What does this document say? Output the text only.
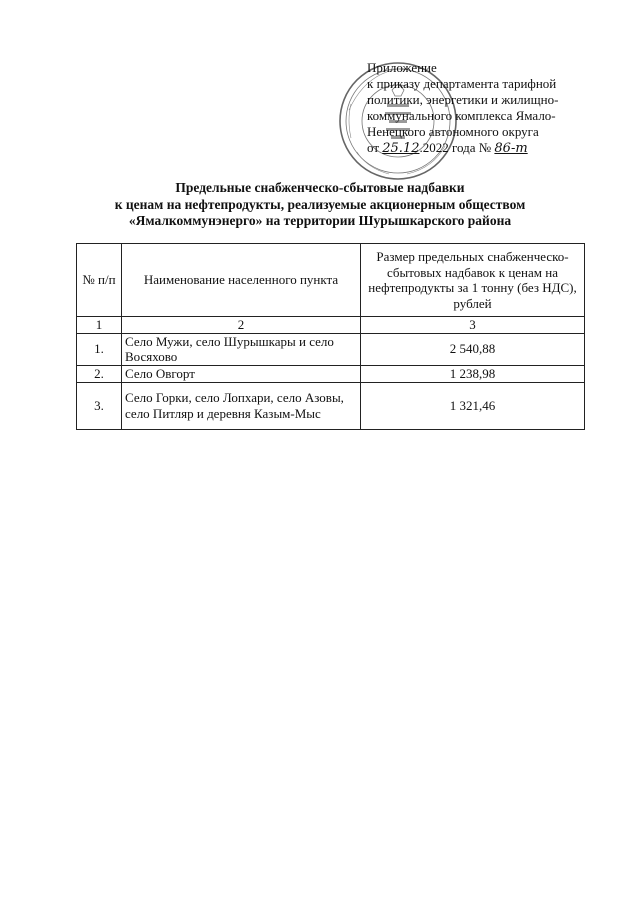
Приложение
к приказу департамента тарифной
политики, энергетики и жилищно-
коммунального комплекса Ямало-
Ненецкого автономного округа
от 25.12.2022 года № 86-т
Предельные снабженческо-сбытовые надбавки
к ценам на нефтепродукты, реализуемые акционерным обществом
«Ямалкоммунэнерго» на территории Шурышкарского района
№ п/п	Наименование населенного пункта	Размер предельных снабженческо-сбытовых надбавок к ценам на нефтепродукты за 1 тонну (без НДС), рублей
1	2	3
1.	Село Мужи, село Шурышкары и село Восяхово	2 540,88
2.	Село Овгорт	1 238,98
3.	Село Горки, село Лопхари, село Азовы, село Питляр и деревня Казым-Мыс	1 321,46
